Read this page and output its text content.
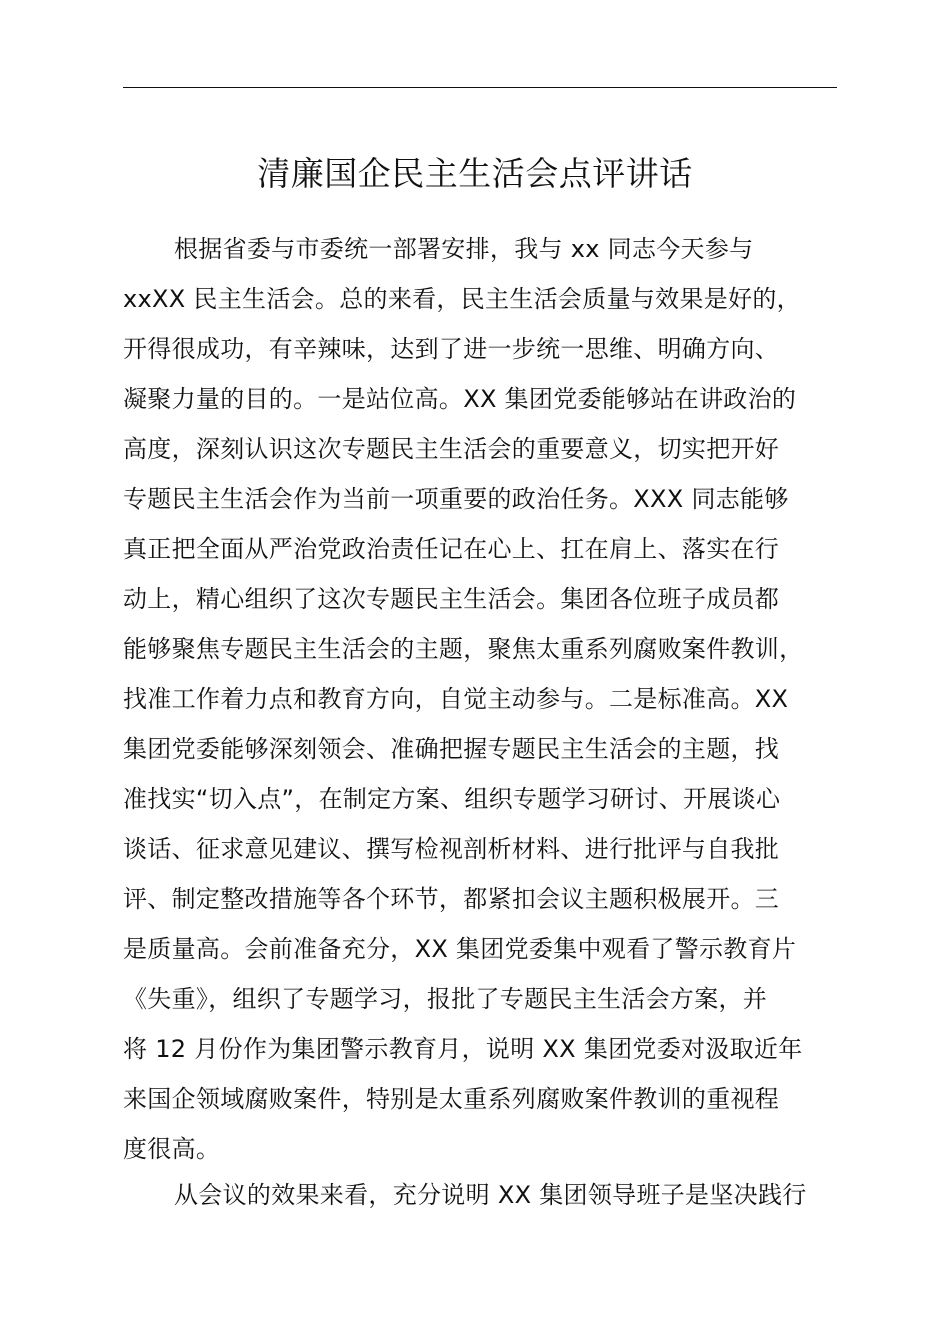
清廉国企民主生活会点评讲话
根据省委与市委统一部署安排，我与 xx 同志今天参与
xxXX 民主生活会。总的来看，民主生活会质量与效果是好的，
开得很成功，有辛辣味，达到了进一步统一思维、明确方向、
凝聚力量的目的。一是站位高。XX 集团党委能够站在讲政治的
高度，深刻认识这次专题民主生活会的重要意义，切实把开好
专题民主生活会作为当前一项重要的政治任务。XXX 同志能够
真正把全面从严治党政治责任记在心上、扛在肩上、落实在行
动上，精心组织了这次专题民主生活会。集团各位班子成员都
能够聚焦专题民主生活会的主题，聚焦太重系列腐败案件教训，
找准工作着力点和教育方向，自觉主动参与。二是标准高。XX
集团党委能够深刻领会、准确把握专题民主生活会的主题，找
准找实“切入点”，在制定方案、组织专题学习研讨、开展谈心
谈话、征求意见建议、撰写检视剖析材料、进行批评与自我批
评、制定整改措施等各个环节，都紧扣会议主题积极展开。三
是质量高。会前准备充分，XX 集团党委集中观看了警示教育片
《失重》，组织了专题学习，报批了专题民主生活会方案，并
将 12 月份作为集团警示教育月，说明 XX 集团党委对汲取近年
来国企领域腐败案件，特别是太重系列腐败案件教训的重视程
度很高。
从会议的效果来看，充分说明 XX 集团领导班子是坚决践行
